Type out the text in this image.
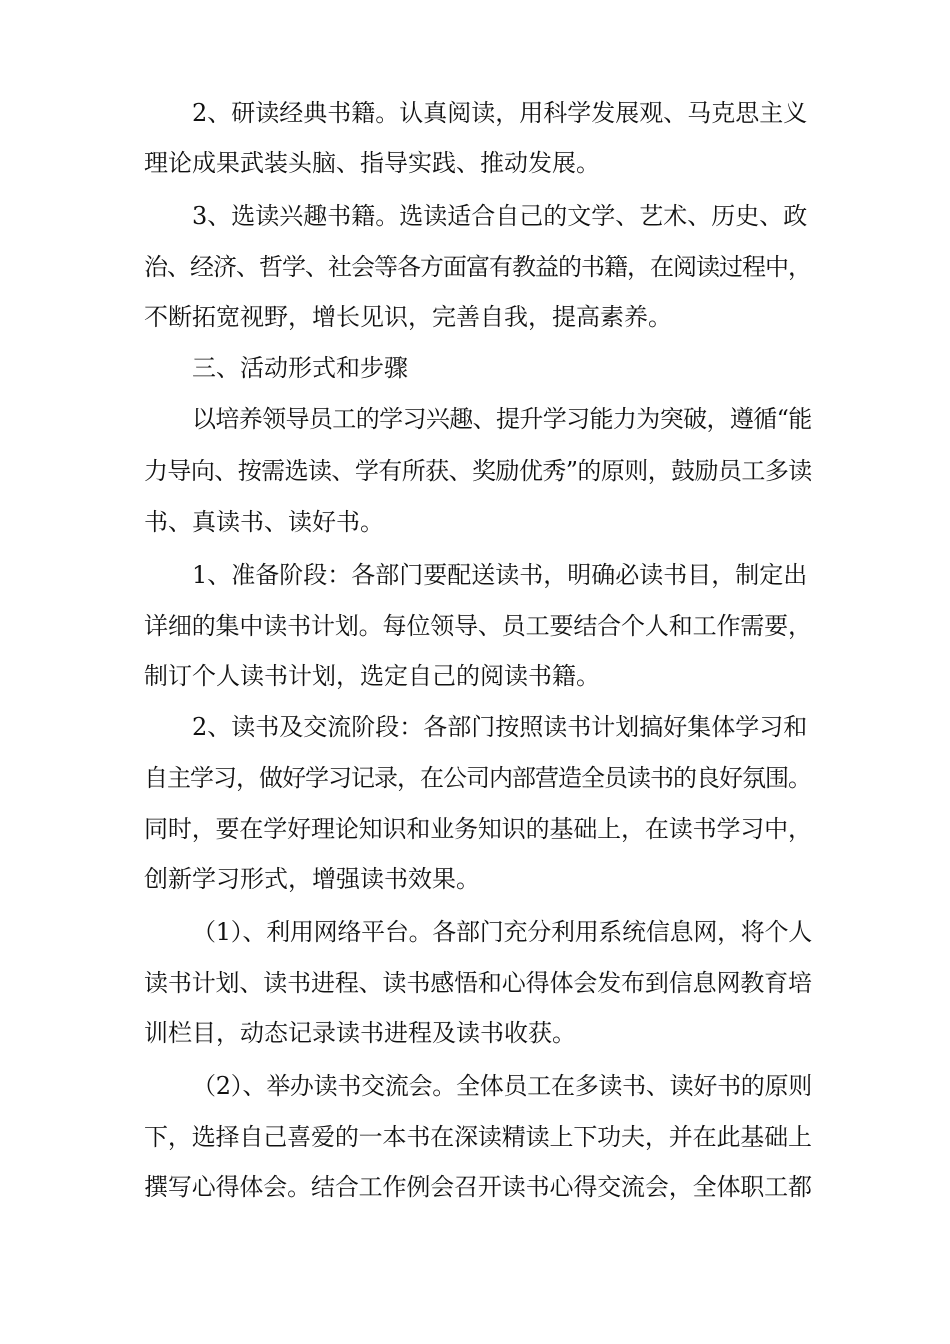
2、研读经典书籍。认真阅读，用科学发展观、马克思主义
理论成果武装头脑、指导实践、推动发展。
3、选读兴趣书籍。选读适合自己的文学、艺术、历史、政
治、经济、哲学、社会等各方面富有教益的书籍，在阅读过程中，
不断拓宽视野，增长见识，完善自我，提高素养。
三、活动形式和步骤
以培养领导员工的学习兴趣、提升学习能力为突破，遵循“能
力导向、按需选读、学有所获、奖励优秀”的原则，鼓励员工多读
书、真读书、读好书。
1、准备阶段：各部门要配送读书，明确必读书目，制定出
详细的集中读书计划。每位领导、员工要结合个人和工作需要，
制订个人读书计划，选定自己的阅读书籍。
2、读书及交流阶段：各部门按照读书计划搞好集体学习和
自主学习，做好学习记录，在公司内部营造全员读书的良好氛围。
同时，要在学好理论知识和业务知识的基础上，在读书学习中，
创新学习形式，增强读书效果。
（1）、利用网络平台。各部门充分利用系统信息网，将个人
读书计划、读书进程、读书感悟和心得体会发布到信息网教育培
训栏目，动态记录读书进程及读书收获。
（2）、举办读书交流会。全体员工在多读书、读好书的原则
下，选择自己喜爱的一本书在深读精读上下功夫，并在此基础上
撰写心得体会。结合工作例会召开读书心得交流会，全体职工都
